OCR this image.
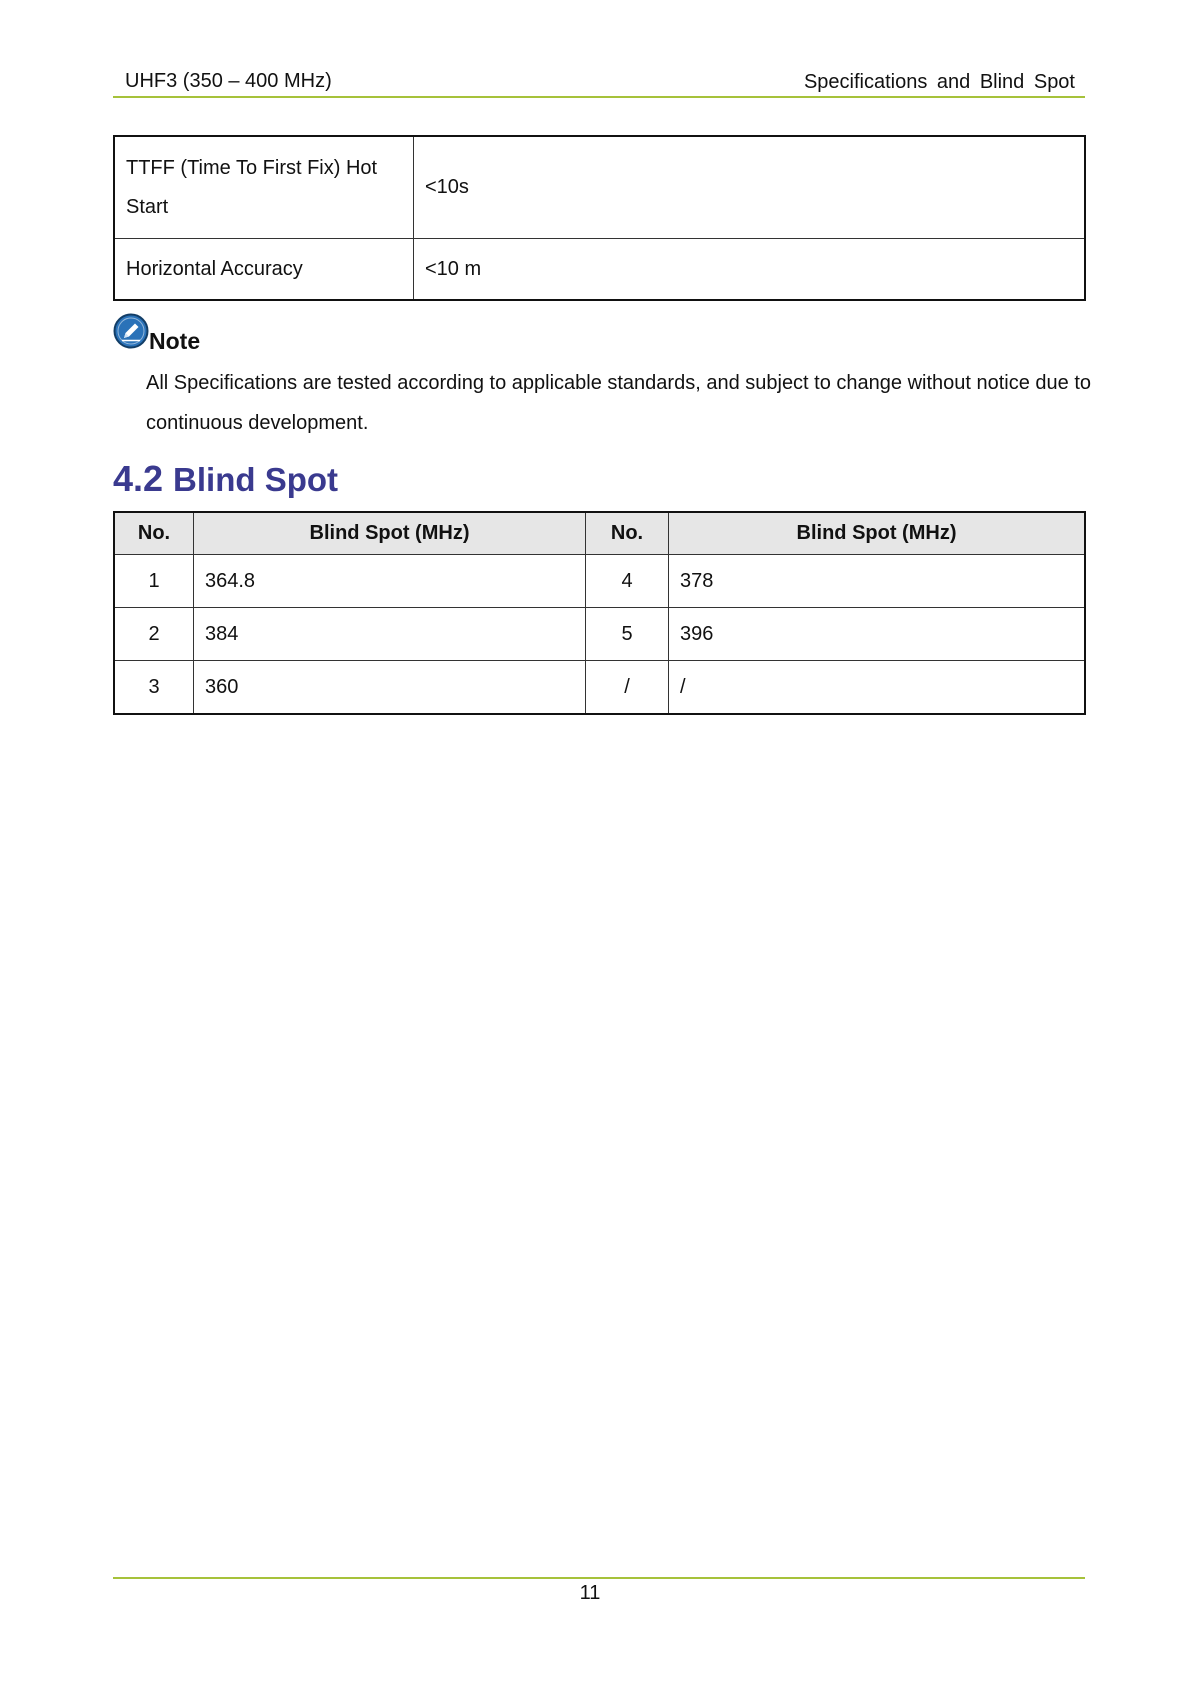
UHF3 (350 – 400 MHz)	Specifications and Blind Spot
TTFF (Time To First Fix) Hot Start	<10s
Horizontal Accuracy	<10 m
Note
All Specifications are tested according to applicable standards, and subject to change without notice due to continuous development.
4.2 Blind Spot
No.	Blind Spot (MHz)	No.	Blind Spot (MHz)
1	364.8	4	378
2	384	5	396
3	360	/	/
11
